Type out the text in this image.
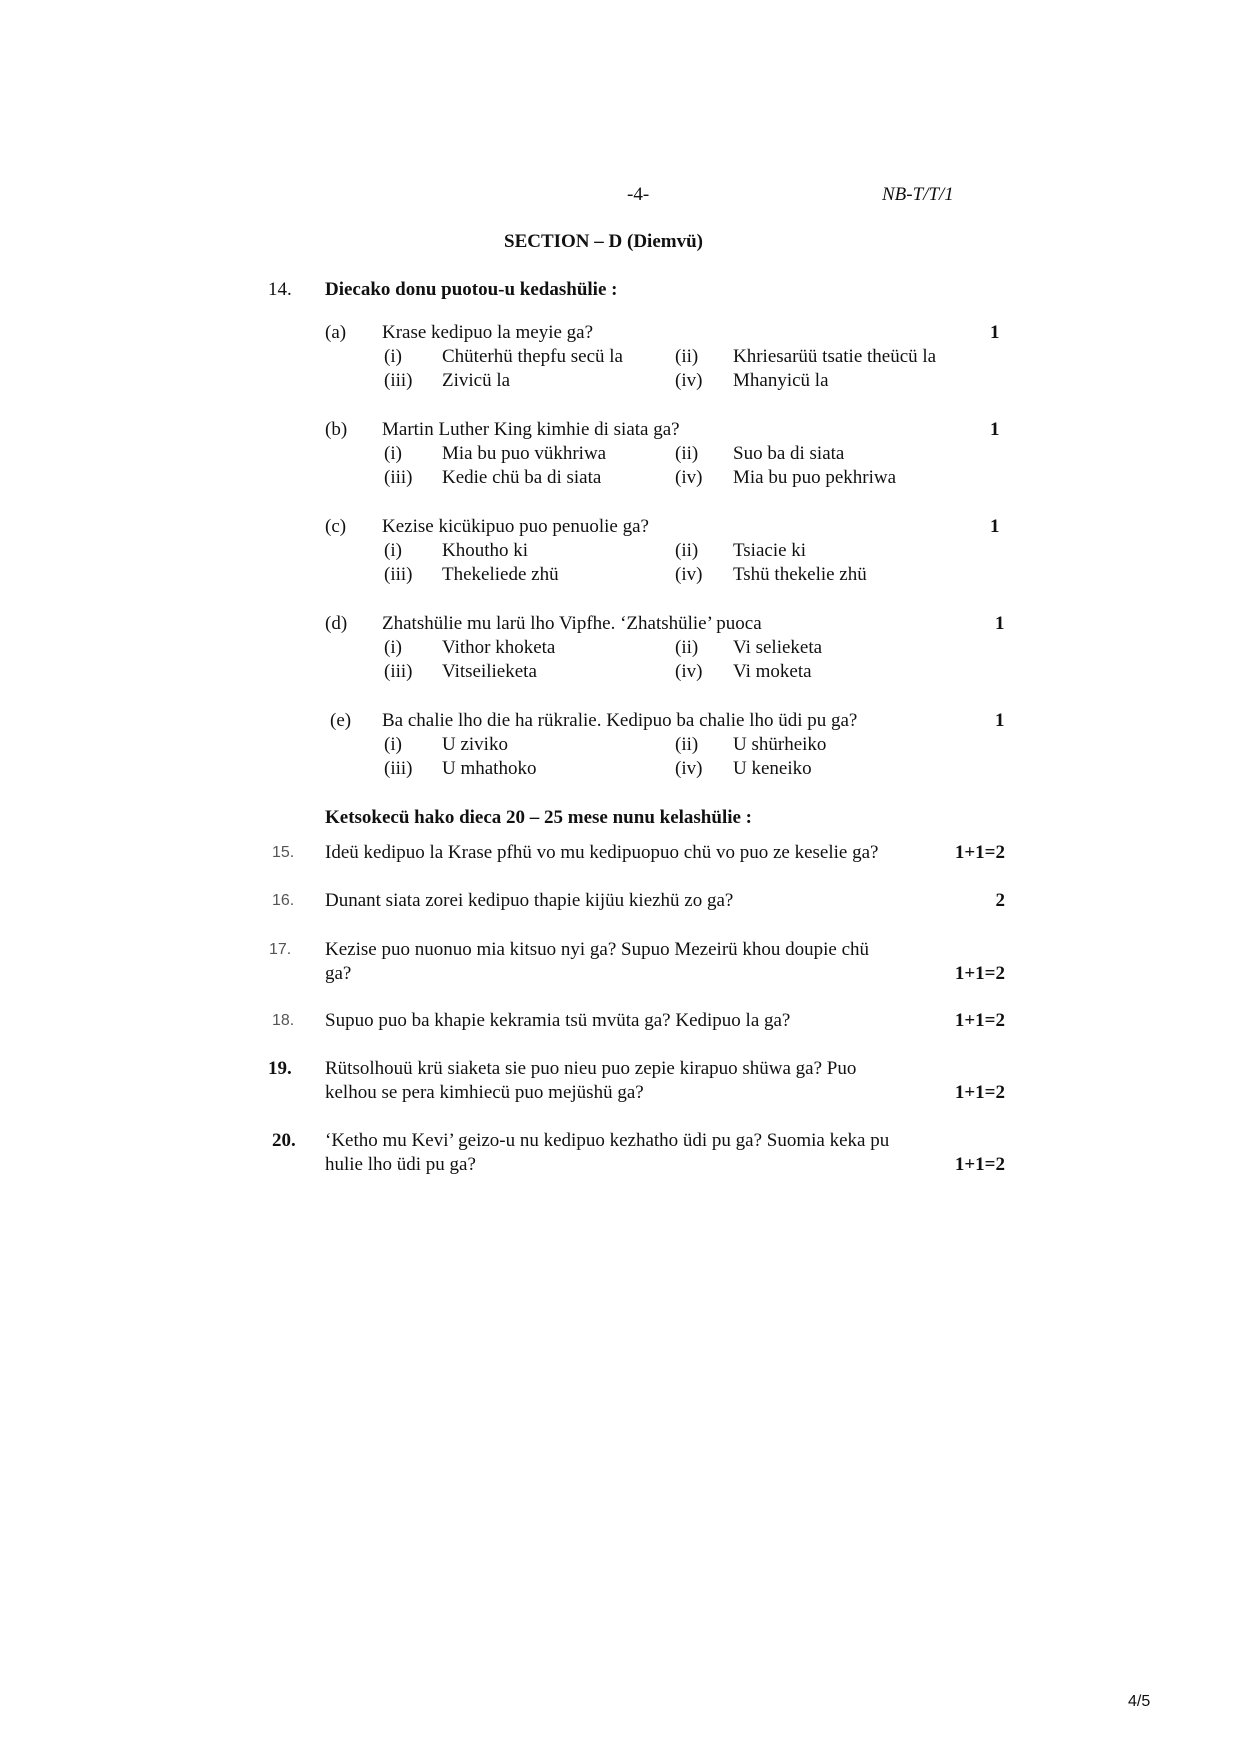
-4-	NB-T/T/1
SECTION – D (Diemvü)
14. Diecako donu puotou-u kedashülie :
(a) Krase kedipuo la meyie ga?	1
(i) Chüterhü thepfu secü la	(ii) Khriesarüü tsatie theücü la
(iii) Zivicü la	(iv) Mhanyicü la
(b) Martin Luther King kimhie di siata ga?	1
(i) Mia bu puo vükhriwa	(ii) Suo ba di siata
(iii) Kedie chü ba di siata	(iv) Mia bu puo pekhriwa
(c) Kezise kicükipuo puo penuolie ga?	1
(i) Khoutho ki	(ii) Tsiacie ki
(iii) Thekeliede zhü	(iv) Tshü thekelie zhü
(d) Zhatshülie mu larü lho Vipfhe. ‘Zhatshülie’ puoca	1
(i) Vithor khoketa	(ii) Vi selieketa
(iii) Vitseilieketa	(iv) Vi moketa
(e) Ba chalie lho die ha rükralie. Kedipuo ba chalie lho üdi pu ga?	1
(i) U ziviko	(ii) U shürheiko
(iii) U mhathoko	(iv) U keneiko
Ketsokecü hako dieca 20 – 25 mese nunu kelashülie :
15. Ideü kedipuo la Krase pfhü vo mu kedipuopuo chü vo puo ze keselie ga?	1+1=2
16. Dunant siata zorei kedipuo thapie kijüu kiezhü zo ga?	2
17. Kezise puo nuonuo mia kitsuo nyi ga? Supuo Mezeirü khou doupie chü
ga?	1+1=2
18. Supuo puo ba khapie kekramia tsü mvüta ga? Kedipuo la ga?	1+1=2
19. Rütsolhouü krü siaketa sie puo nieu puo zepie kirapuo shüwa ga? Puo
kelhou se pera kimhiecü puo mejüshü ga?	1+1=2
20. ‘Ketho mu Kevi’ geizo-u nu kedipuo kezhatho üdi pu ga? Suomia keka pu
hulie lho üdi pu ga?	1+1=2
4/5
